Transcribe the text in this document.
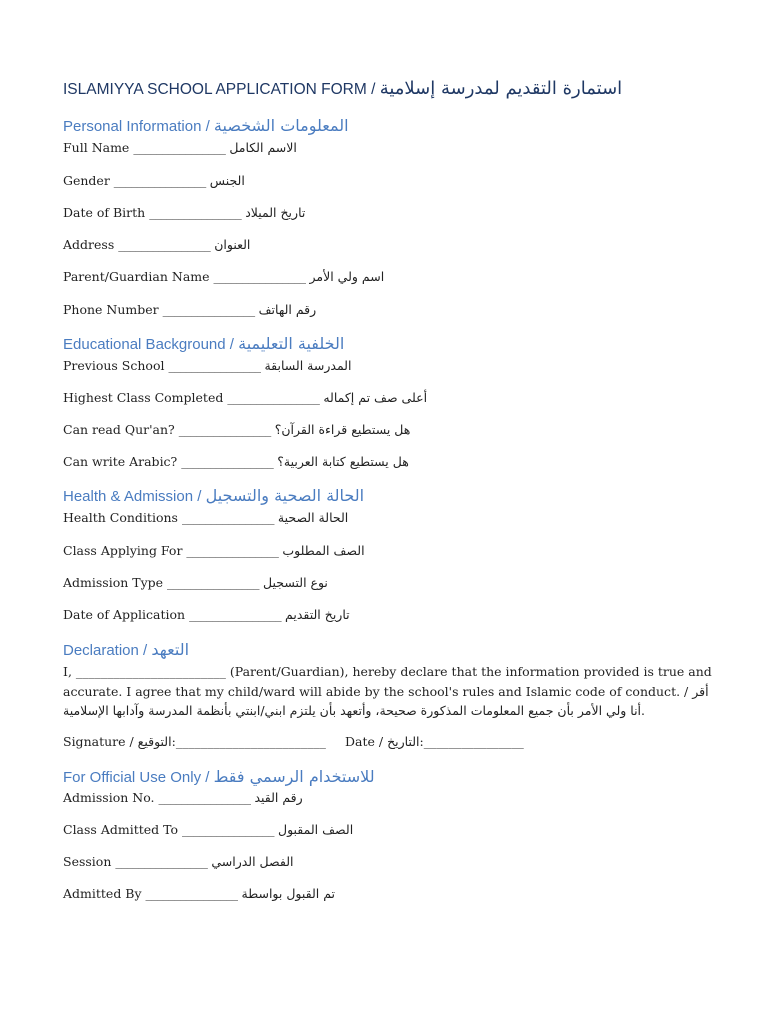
ISLAMIYYA SCHOOL APPLICATION FORM / استمارة التقديم لمدرسة إسلامية
Personal Information / المعلومات الشخصية
Full Name ________________ الاسم الكامل
Gender ________________ الجنس
Date of Birth ________________ تاريخ الميلاد
Address ________________ العنوان
Parent/Guardian Name ________________ اسم ولي الأمر
Phone Number ________________ رقم الهاتف
Educational Background / الخلفية التعليمية
Previous School ________________ المدرسة السابقة
Highest Class Completed ________________ أعلى صف تم إكماله
Can read Qur'an? ________________ هل يستطيع قراءة القرآن؟
Can write Arabic? ________________ هل يستطيع كتابة العربية؟
Health & Admission / الحالة الصحية والتسجيل
Health Conditions ________________ الحالة الصحية
Class Applying For ________________ الصف المطلوب
Admission Type ________________ نوع التسجيل
Date of Application ________________ تاريخ التقديم
Declaration / التعهد
I, ________________________ (Parent/Guardian), hereby declare that the information provided is true and accurate. I agree that my child/ward will abide by the school's rules and Islamic code of conduct. / أقر أنا ولي الأمر بأن جميع المعلومات المذكورة صحيحة، وأتعهد بأن يلتزم ابني/ابنتي بأنظمة المدرسة وآدابها الإسلامية.
Signature / التوقيع:________________________ Date / التاريخ:________________
For Official Use Only / للاستخدام الرسمي فقط
Admission No. ________________ رقم القيد
Class Admitted To ________________ الصف المقبول
Session ________________ الفصل الدراسي
Admitted By ________________ تم القبول بواسطة
